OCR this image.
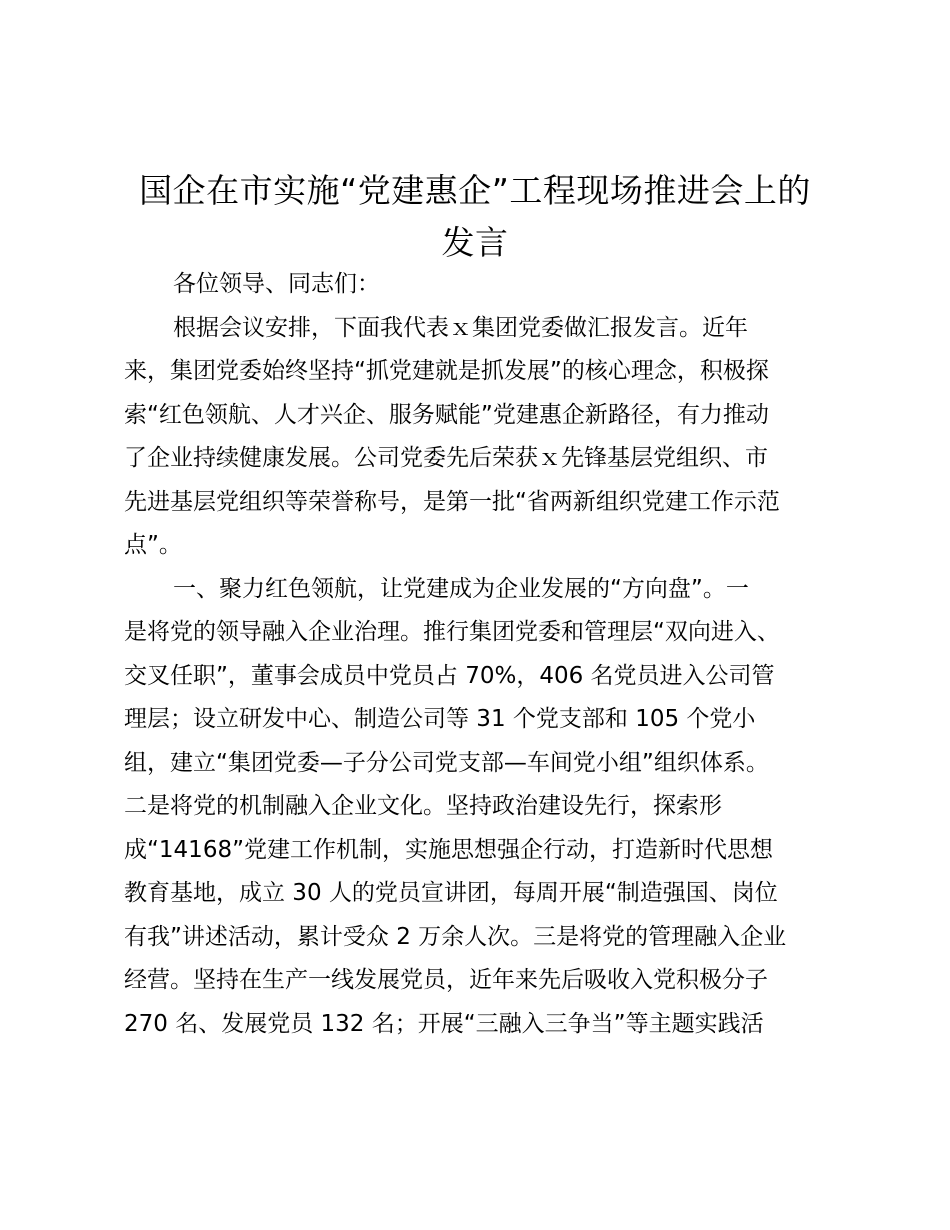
国企在市实施“党建惠企”工程现场推进会上的
发言
各位领导、同志们：
根据会议安排，下面我代表ｘ集团党委做汇报发言。近年
来，集团党委始终坚持“抓党建就是抓发展”的核心理念，积极探
索“红色领航、人才兴企、服务赋能”党建惠企新路径，有力推动
了企业持续健康发展。公司党委先后荣获ｘ先锋基层党组织、市
先进基层党组织等荣誉称号，是第一批“省两新组织党建工作示范
点”。
一、聚力红色领航，让党建成为企业发展的“方向盘”。一
是将党的领导融入企业治理。推行集团党委和管理层“双向进入、
交叉任职”，董事会成员中党员占 70%，406 名党员进入公司管
理层；设立研发中心、制造公司等 31 个党支部和 105 个党小
组，建立“集团党委—子分公司党支部—车间党小组”组织体系。
二是将党的机制融入企业文化。坚持政治建设先行，探索形
成“14168”党建工作机制，实施思想强企行动，打造新时代思想
教育基地，成立 30 人的党员宣讲团，每周开展“制造强国、岗位
有我”讲述活动，累计受众 2 万余人次。三是将党的管理融入企业
经营。坚持在生产一线发展党员，近年来先后吸收入党积极分子
270 名、发展党员 132 名；开展“三融入三争当”等主题实践活
